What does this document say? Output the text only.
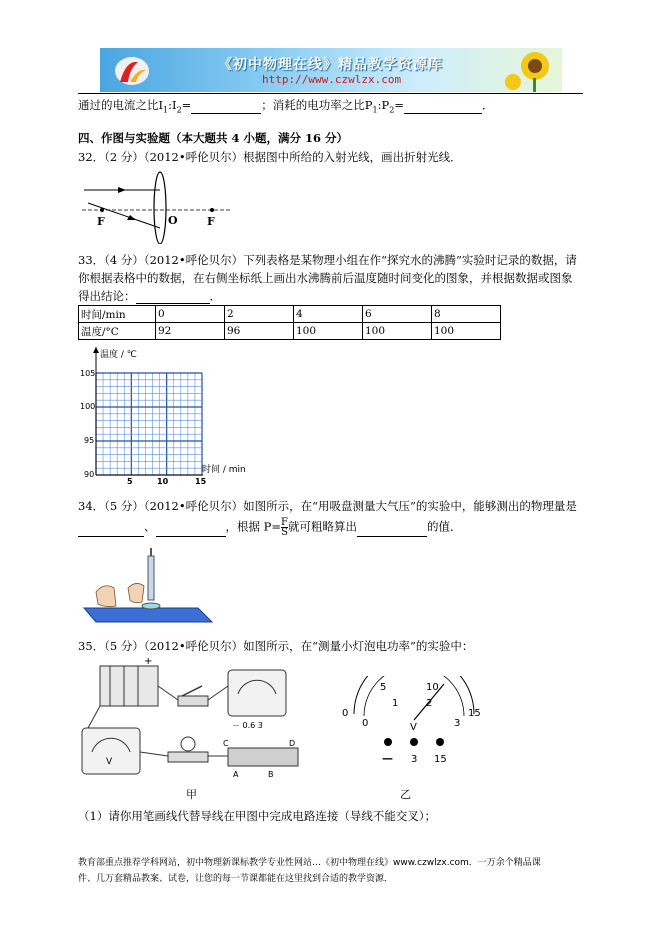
《初中物理在线》精品教学资源库
http://www.czwlzx.com
通过的电流之比$I_1:I_2=$	；消耗的电功率之比$P_1:P_2=$	．
四、作图与实验题（本大题共 4 小题，满分 16 分）
32．（2 分）（2012•呼伦贝尔）根据图中所给的入射光线，画出折射光线．
F	O	F
33．（4 分）（2012•呼伦贝尔）下列表格是某物理小组在作“探究水的沸腾”实验时记录的数据，请
你根据表格中的数据，在右侧坐标纸上画出水沸腾前后温度随时间变化的图象，并根据数据或图象
得出结论：	．
时间/min	0	2	4	6	8
温度/°C	92	96	100	100	100
温度 / ℃
时间 / min
105
100
95
90
5	10	15
34．（5 分）（2012•呼伦贝尔）如图所示，在“用吸盘测量大气压”的实验中，能够测出的物理量是
、	，根据 $P= \frac{F}{S}$ 就可粗略算出	的值．
35．（5 分）（2012•呼伦贝尔）如图所示，在“测量小灯泡电功率”的实验中：
+
－ 0.6 3
V
C	D
A	B
甲
0
5	10
15
0
1	2
3
V
— 3 15
乙
（1）请你用笔画线代替导线在甲图中完成电路连接（导线不能交叉）；
教育部重点推荐学科网站，初中物理新课标教学专业性网站…《初中物理在线》www.czwlzx.com．一万余个精品课
件、几万套精品教案、试卷，让您的每一节课都能在这里找到合适的教学资源．
